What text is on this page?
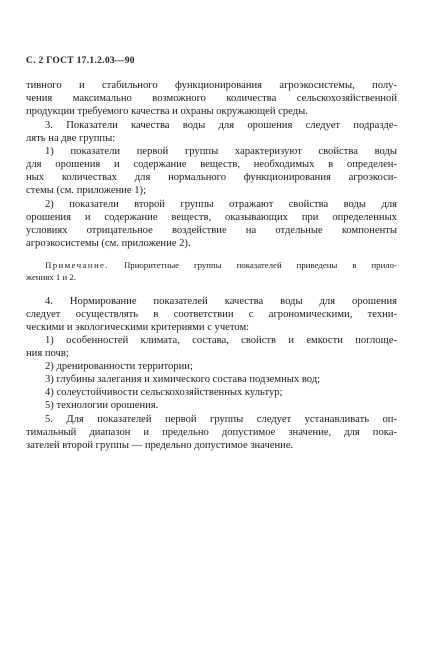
С. 2 ГОСТ 17.1.2.03—90
тивного и стабильного функционирования агроэкосистемы, полу-
чения максимально возможного количества сельскохозяйственной
продукции требуемого качества и охраны окружающей среды.
3. Показатели качества воды для орошения следует подразде-
лять на две группы:
1) показатели первой группы характеризуют свойства воды
для орошения и содержание веществ, необходимых в определен-
ных количествах для нормального функционирования агроэкоси-
стемы (см. приложение 1);
2) показатели второй группы отражают свойства воды для
орошения и содержание веществ, оказывающих при определенных
условиях отрицательное воздействие на отдельные компоненты
агроэкосистемы (см. приложение 2).
Примечание. Приоритетные группы показателей приведены в прило-
жениях 1 и 2.
4. Нормирование показателей качества воды для орошения
следует осуществлять в соответствии с агрономическими, техни-
ческими и экологическими критериями с учетом:
1) особенностей климата, состава, свойств и емкости поглоще-
ния почв;
2) дренированности территории;
3) глубины залегания и химического состава подземных вод;
4) солеустойчивости сельскохозяйственных культур;
5) технологии орошения.
5. Для показателей первой группы следует устанавливать оп-
тимальный диапазон и предельно допустимое значение, для пока-
зателей второй группы — предельно допустимое значение.
